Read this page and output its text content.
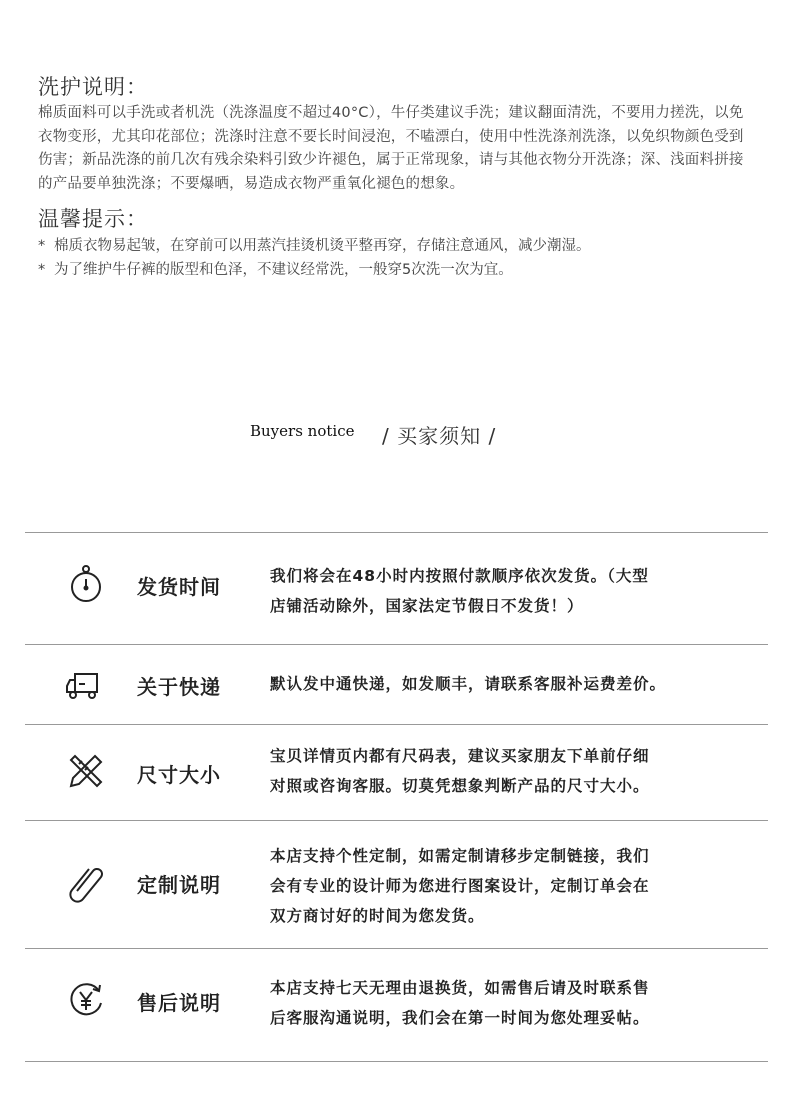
洗护说明：

棉质面料可以手洗或者机洗（洗涤温度不超过40°C），牛仔类建议手洗；建议翻面清洗，不要用力搓洗，以免衣物变形，尤其印花部位；洗涤时注意不要长时间浸泡，不嗑漂白，使用中性洗涤剂洗涤，以免织物颜色受到伤害；新品洗涤的前几次有残余染料引致少许褪色，属于正常现象，请与其他衣物分开洗涤；深、浅面料拼接的产品要单独洗涤；不要爆晒，易造成衣物严重氧化褪色的想象。

温馨提示：
* 棉质衣物易起皱，在穿前可以用蒸汽挂烫机烫平整再穿，存储注意通风，减少潮湿。
* 为了维护牛仔裤的版型和色泽，不建议经常洗，一般穿5次洗一次为宜。
Buyers notice / 买家须知 /
发货时间	我们将会在48小时内按照付款顺序依次发货。（大型
店铺活动除外，国家法定节假日不发货！）
关于快递	默认发中通快递，如发顺丰，请联系客服补运费差价。
尺寸大小
宝贝详情页内都有尺码表，建议买家朋友下单前仔细
对照或咨询客服。切莫凭想象判断产品的尺寸大小。
定制说明
本店支持个性定制，如需定制请移步定制链接，我们
会有专业的设计师为您进行图案设计，定制订单会在
双方商讨好的时间为您发货。
售后说明
本店支持七天无理由退换货，如需售后请及时联系售
后客服沟通说明，我们会在第一时间为您处理妥帖。
